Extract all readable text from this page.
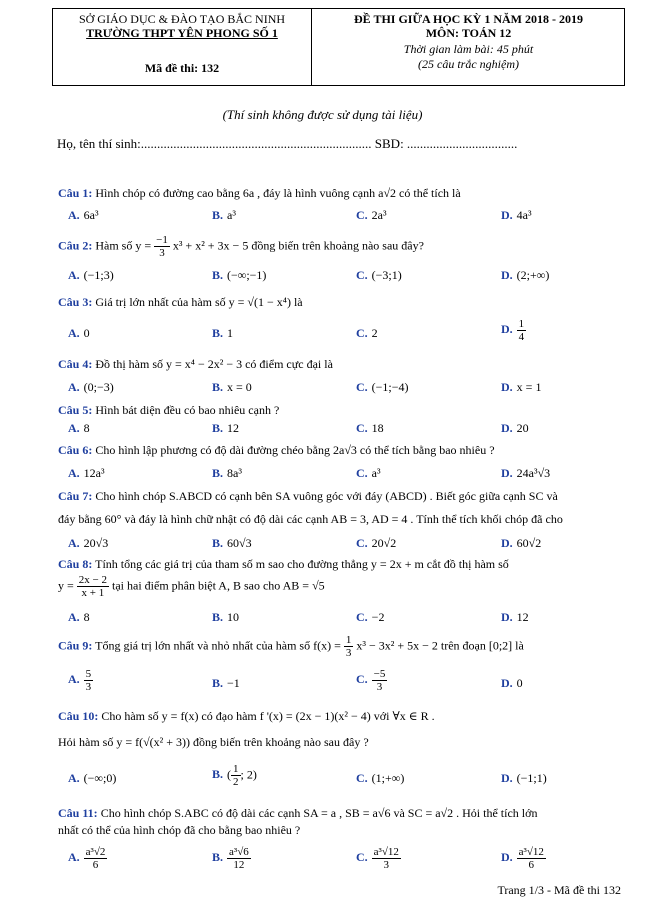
SỞ GIÁO DỤC & ĐÀO TẠO BẮC NINH
TRƯỜNG THPT YÊN PHONG SỐ 1
Mã đề thi: 132
ĐỀ THI GIỮA HỌC KỲ 1 NĂM 2018 - 2019
MÔN: TOÁN 12
Thời gian làm bài: 45 phút
(25 câu trắc nghiệm)
(Thí sinh không được sử dụng tài liệu)
Họ, tên thí sinh:....................................................................... SBD: ..................................
Câu 1: Hình chóp có đường cao bằng 6a , đáy là hình vuông cạnh a√2 có thể tích là
A. 6a³	B. a³	C. 2a³	D. 4a³
Câu 2: Hàm số $y = \frac{-1}{3} x^3 + x^2 + 3x - 5$ đồng biến trên khoảng nào sau đây?
A. (−1;3)	B. (−∞;−1)	C. (−3;1)	D. (2;+∞)
Câu 3: Giá trị lớn nhất của hàm số y = √(1 − x⁴) là
A. 0	B. 1	C. 2	D. $\frac{1}{4}$
Câu 4: Đồ thị hàm số y = x⁴ − 2x² − 3 có điểm cực đại là
A. (0;−3)	B. x = 0	C. (−1;−4)	D. x = 1
Câu 5: Hình bát diện đều có bao nhiêu cạnh ?
A. 8	B. 12	C. 18	D. 20
Câu 6: Cho hình lập phương có độ dài đường chéo bằng 2a√3 có thể tích bằng bao nhiêu ?
A. 12a³	B. 8a³	C. a³	D. 24a³√3
Câu 7: Cho hình chóp S.ABCD có cạnh bên SA vuông góc với đáy (ABCD) . Biết góc giữa cạnh SC và
đáy bằng 60° và đáy là hình chữ nhật có độ dài các cạnh AB = 3, AD = 4 . Tính thể tích khối chóp đã cho
A. 20√3	B. 60√3	C. 20√2	D. 60√2
Câu 8: Tính tổng các giá trị của tham số m sao cho đường thẳng y = 2x + m cắt đồ thị hàm số
$y = \frac{2x - 2}{x + 1}$ tại hai điểm phân biệt A, B sao cho AB = √5
A. 8	B. 10	C. −2	D. 12
Câu 9: Tổng giá trị lớn nhất và nhỏ nhất của hàm số $f(x) = \frac{1}{3} x^3 - 3x^2 + 5x - 2$ trên đoạn [0;2] là
A. $\frac{5}{3}$	B. −1	C. $\frac{-5}{3}$	D. 0
Câu 10: Cho hàm số y = f(x) có đạo hàm f '(x) = (2x − 1)(x² − 4) với ∀x ∈ R .
Hỏi hàm số y = f(√(x² + 3)) đồng biến trên khoảng nào sau đây ?
A. (−∞;0)	B. ( $\frac{1}{2}$ ; 2)	C. (1;+∞)	D. (−1;1)
Câu 11: Cho hình chóp S.ABC có độ dài các cạnh SA = a , SB = a√6 và SC = a√2 . Hỏi thể tích lớn
nhất có thể của hình chóp đã cho bằng bao nhiêu ?
A. $\frac{\text{a³√2}}{6}$	B. $\frac{\text{a³√6}}{12}$	C. $\frac{\text{a³√12}}{3}$	D. $\frac{\text{a³√12}}{6}$
Trang 1/3 - Mã đề thi 132
